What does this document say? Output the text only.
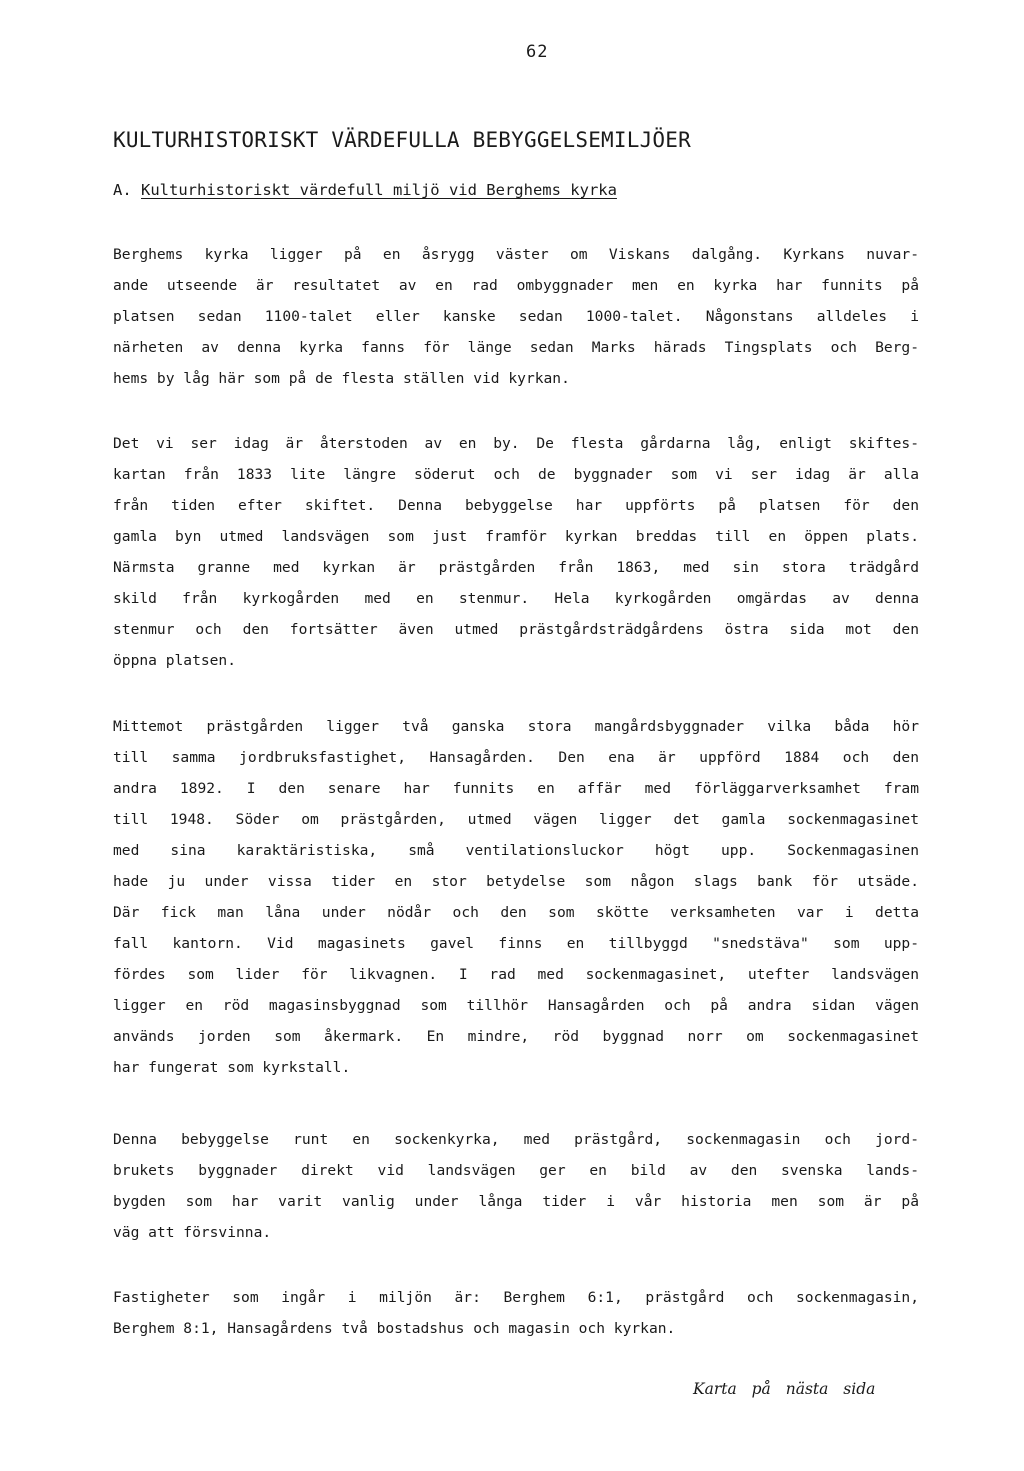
62
KULTURHISTORISKT VÄRDEFULLA BEBYGGELSEMILJÖER
A. Kulturhistoriskt värdefull miljö vid Berghems kyrka
Berghems kyrka ligger på en åsrygg väster om Viskans dalgång. Kyrkans nuvar-
ande utseende är resultatet av en rad ombyggnader men en kyrka har funnits på
platsen sedan 1100-talet eller kanske sedan 1000-talet. Någonstans alldeles i
närheten av denna kyrka fanns för länge sedan Marks härads Tingsplats och Berg-
hems by låg här som på de flesta ställen vid kyrkan.
Det vi ser idag är återstoden av en by. De flesta gårdarna låg, enligt skiftes-
kartan från 1833 lite längre söderut och de byggnader som vi ser idag är alla
från tiden efter skiftet. Denna bebyggelse har uppförts på platsen för den
gamla byn utmed landsvägen som just framför kyrkan breddas till en öppen plats.
Närmsta granne med kyrkan är prästgården från 1863, med sin stora trädgård
skild från kyrkogården med en stenmur. Hela kyrkogården omgärdas av denna
stenmur och den fortsätter även utmed prästgårdsträdgårdens östra sida mot den
öppna platsen.
Mittemot prästgården ligger två ganska stora mangårdsbyggnader vilka båda hör
till samma jordbruksfastighet, Hansagården. Den ena är uppförd 1884 och den
andra 1892. I den senare har funnits en affär med förläggarverksamhet fram
till 1948. Söder om prästgården, utmed vägen ligger det gamla sockenmagasinet
med sina karaktäristiska, små ventilationsluckor högt upp. Sockenmagasinen
hade ju under vissa tider en stor betydelse som någon slags bank för utsäde.
Där fick man låna under nödår och den som skötte verksamheten var i detta
fall kantorn. Vid magasinets gavel finns en tillbyggd "snedstäva" som upp-
fördes som lider för likvagnen. I rad med sockenmagasinet, utefter landsvägen
ligger en röd magasinsbyggnad som tillhör Hansagården och på andra sidan vägen
används jorden som åkermark. En mindre, röd byggnad norr om sockenmagasinet
har fungerat som kyrkstall.
Denna bebyggelse runt en sockenkyrka, med prästgård, sockenmagasin och jord-
brukets byggnader direkt vid landsvägen ger en bild av den svenska lands-
bygden som har varit vanlig under långa tider i vår historia men som är på
väg att försvinna.
Fastigheter som ingår i miljön är: Berghem 6:1, prästgård och sockenmagasin,
Berghem 8:1, Hansagårdens två bostadshus och magasin och kyrkan.
Karta på nästa sida
